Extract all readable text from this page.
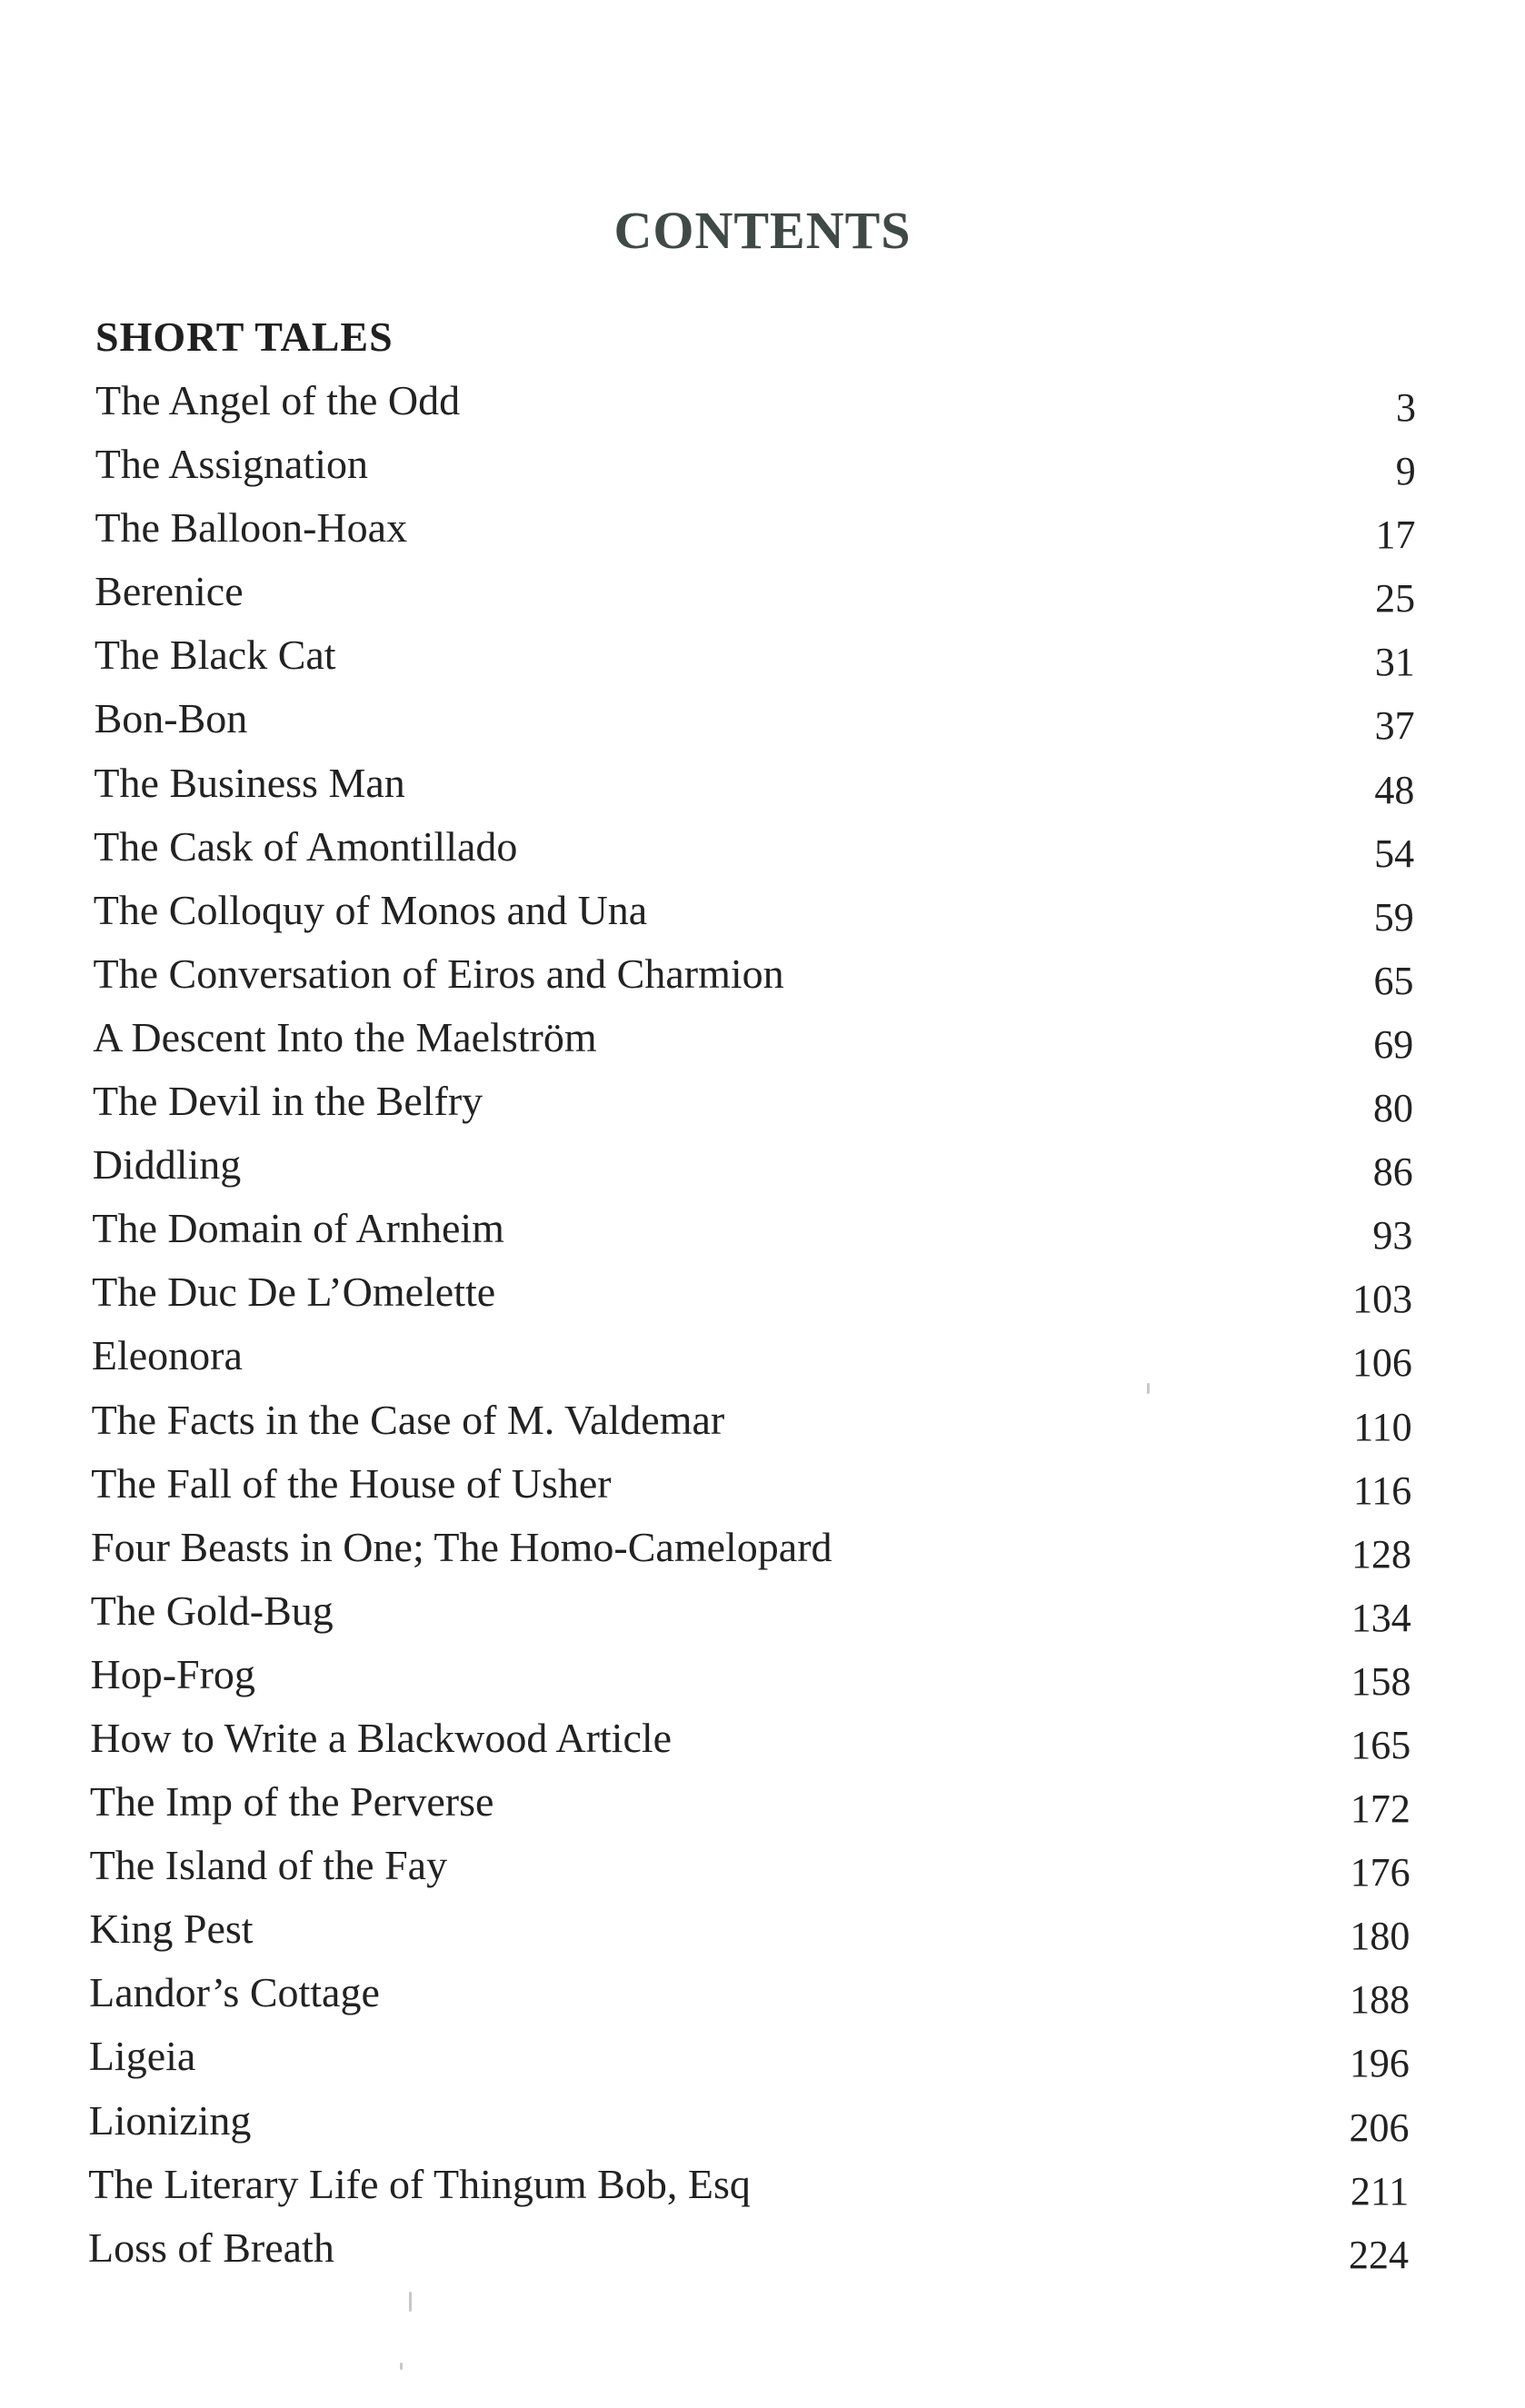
CONTENTS
SHORT TALES
The Angel of the Odd	3
The Assignation	9
The Balloon-Hoax	17
Berenice	25
The Black Cat	31
Bon-Bon	37
The Business Man	48
The Cask of Amontillado	54
The Colloquy of Monos and Una	59
The Conversation of Eiros and Charmion	65
A Descent Into the Maelström	69
The Devil in the Belfry	80
Diddling	86
The Domain of Arnheim	93
The Duc De L’Omelette	103
Eleonora	106
The Facts in the Case of M. Valdemar	110
The Fall of the House of Usher	116
Four Beasts in One; The Homo-Camelopard	128
The Gold-Bug	134
Hop-Frog	158
How to Write a Blackwood Article	165
The Imp of the Perverse	172
The Island of the Fay	176
King Pest	180
Landor’s Cottage	188
Ligeia	196
Lionizing	206
The Literary Life of Thingum Bob, Esq	211
Loss of Breath	224
